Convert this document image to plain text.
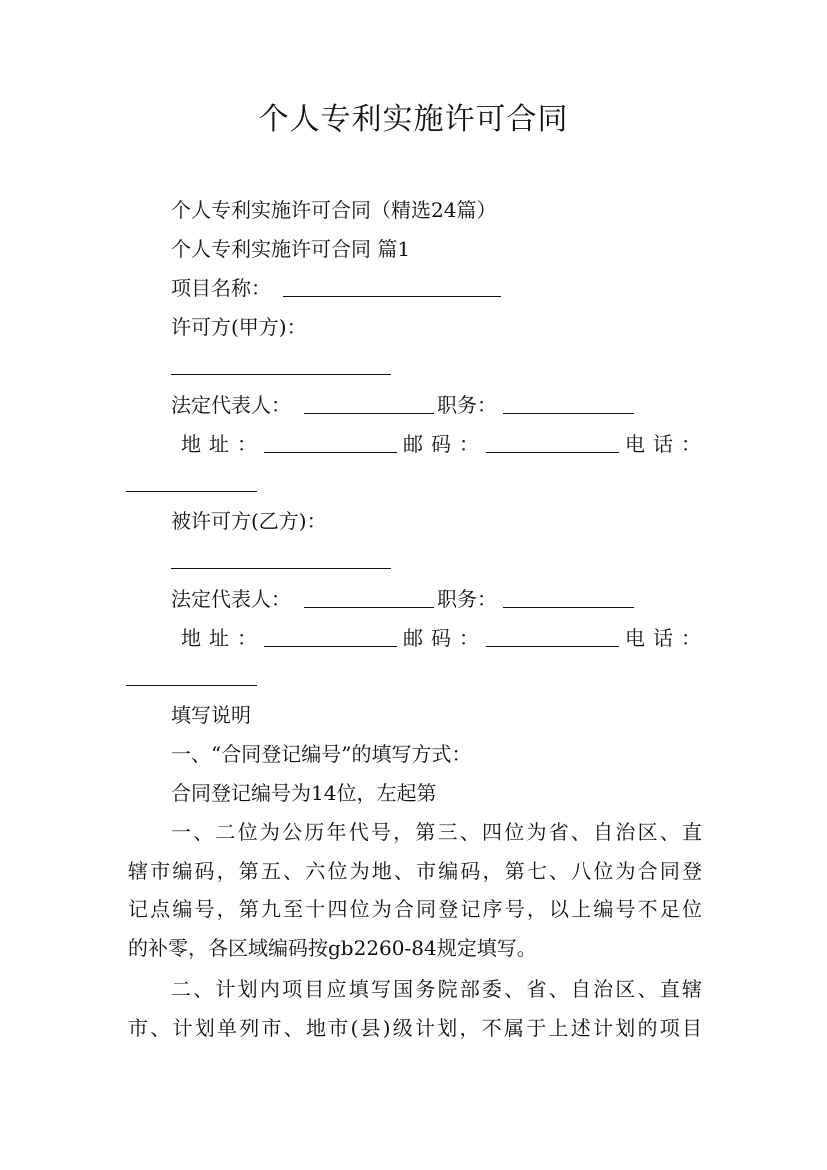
个人专利实施许可合同
个人专利实施许可合同（精选24篇）
个人专利实施许可合同 篇1
项目名称：
许可方(甲方)：
法定代表人：	职务：
地址：	邮码：	电话：
被许可方(乙方)：
法定代表人：	职务：
地址：	邮码：	电话：
填写说明
一、“合同登记编号”的填写方式：
合同登记编号为14位，左起第
一、二位为公历年代号，第三、四位为省、自治区、直
辖市编码，第五、六位为地、市编码，第七、八位为合同登
记点编号，第九至十四位为合同登记序号，以上编号不足位
的补零，各区域编码按gb2260-84规定填写。
二、计划内项目应填写国务院部委、省、自治区、直辖
市、计划单列市、地市(县)级计划，不属于上述计划的项目
